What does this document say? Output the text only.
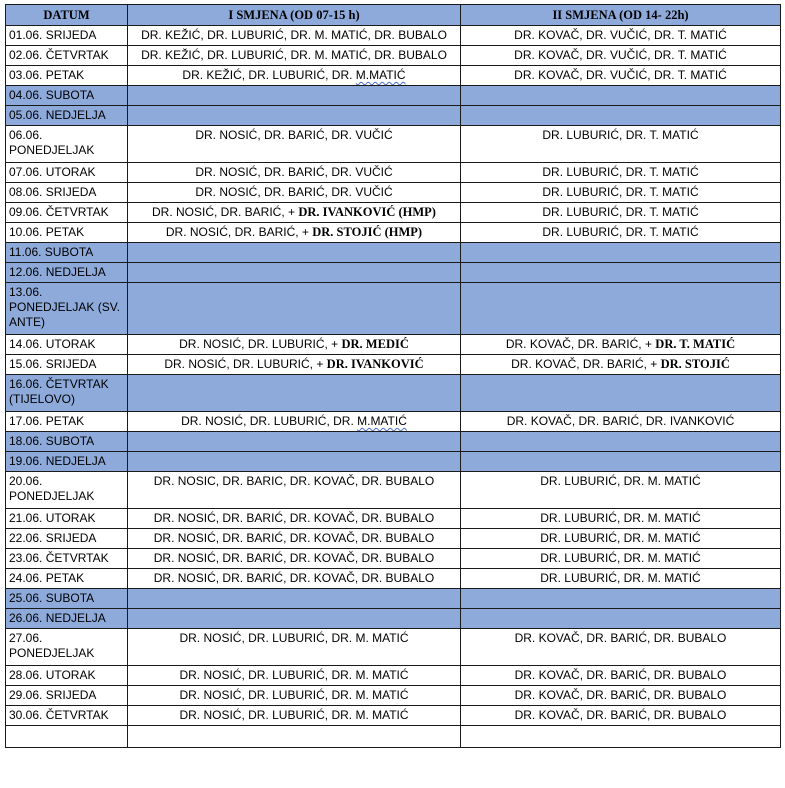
DATUM	I SMJENA (OD 07-15 h)	II SMJENA (OD 14- 22h)
01.06. SRIJEDA	DR. KEŽIĆ, DR. LUBURIĆ, DR. M. MATIĆ, DR. BUBALO	DR. KOVAČ, DR. VUČIĆ, DR. T. MATIĆ
02.06. ČETVRTAK	DR. KEŽIĆ, DR. LUBURIĆ, DR. M. MATIĆ, DR. BUBALO	DR. KOVAČ, DR. VUČIĆ, DR. T. MATIĆ
03.06. PETAK	DR. KEŽIĆ, DR. LUBURIĆ, DR. M.MATIĆ	DR. KOVAČ, DR. VUČIĆ, DR. T. MATIĆ
04.06. SUBOTA		
05.06. NEDJELJA		
06.06. PONEDJELJAK	DR. NOSIĆ, DR. BARIĆ, DR. VUČIĆ	DR. LUBURIĆ, DR. T. MATIĆ
07.06. UTORAK	DR. NOSIĆ, DR. BARIĆ, DR. VUČIĆ	DR. LUBURIĆ, DR. T. MATIĆ
08.06. SRIJEDA	DR. NOSIĆ, DR. BARIĆ, DR. VUČIĆ	DR. LUBURIĆ, DR. T. MATIĆ
09.06. ČETVRTAK	DR. NOSIĆ, DR. BARIĆ, + DR. IVANKOVIĆ (HMP)	DR. LUBURIĆ, DR. T. MATIĆ
10.06. PETAK	DR. NOSIĆ, DR. BARIĆ, + DR. STOJIĆ (HMP)	DR. LUBURIĆ, DR. T. MATIĆ
11.06. SUBOTA		
12.06. NEDJELJA		
13.06. PONEDJELJAK (SV. ANTE)		
14.06. UTORAK	DR. NOSIĆ, DR. LUBURIĆ, + DR. MEDIĆ	DR. KOVAČ, DR. BARIĆ, + DR. T. MATIĆ
15.06. SRIJEDA	DR. NOSIĆ, DR. LUBURIĆ, + DR. IVANKOVIĆ	DR. KOVAČ, DR. BARIĆ, + DR. STOJIĆ
16.06. ČETVRTAK (TIJELOVO)		
17.06. PETAK	DR. NOSIĆ, DR. LUBURIĆ, DR. M.MATIĆ	DR. KOVAČ, DR. BARIĆ, DR. IVANKOVIĆ
18.06. SUBOTA		
19.06. NEDJELJA		
20.06. PONEDJELJAK	DR. NOSIC, DR. BARIC, DR. KOVAČ, DR. BUBALO	DR. LUBURIĆ, DR. M. MATIĆ
21.06. UTORAK	DR. NOSIĆ, DR. BARIĆ, DR. KOVAČ, DR. BUBALO	DR. LUBURIĆ, DR. M. MATIĆ
22.06. SRIJEDA	DR. NOSIĆ, DR. BARIĆ, DR. KOVAČ, DR. BUBALO	DR. LUBURIĆ, DR. M. MATIĆ
23.06. ČETVRTAK	DR. NOSIĆ, DR. BARIĆ, DR. KOVAČ, DR. BUBALO	DR. LUBURIĆ, DR. M. MATIĆ
24.06. PETAK	DR. NOSIĆ, DR. BARIĆ, DR. KOVAČ, DR. BUBALO	DR. LUBURIĆ, DR. M. MATIĆ
25.06. SUBOTA		
26.06. NEDJELJA		
27.06. PONEDJELJAK	DR. NOSIĆ, DR. LUBURIĆ, DR. M. MATIĆ	DR. KOVAČ, DR. BARIĆ, DR. BUBALO
28.06. UTORAK	DR. NOSIĆ, DR. LUBURIĆ, DR. M. MATIĆ	DR. KOVAČ, DR. BARIĆ, DR. BUBALO
29.06. SRIJEDA	DR. NOSIĆ, DR. LUBURIĆ, DR. M. MATIĆ	DR. KOVAČ, DR. BARIĆ, DR. BUBALO
30.06. ČETVRTAK	DR. NOSIĆ, DR. LUBURIĆ, DR. M. MATIĆ	DR. KOVAČ, DR. BARIĆ, DR. BUBALO
